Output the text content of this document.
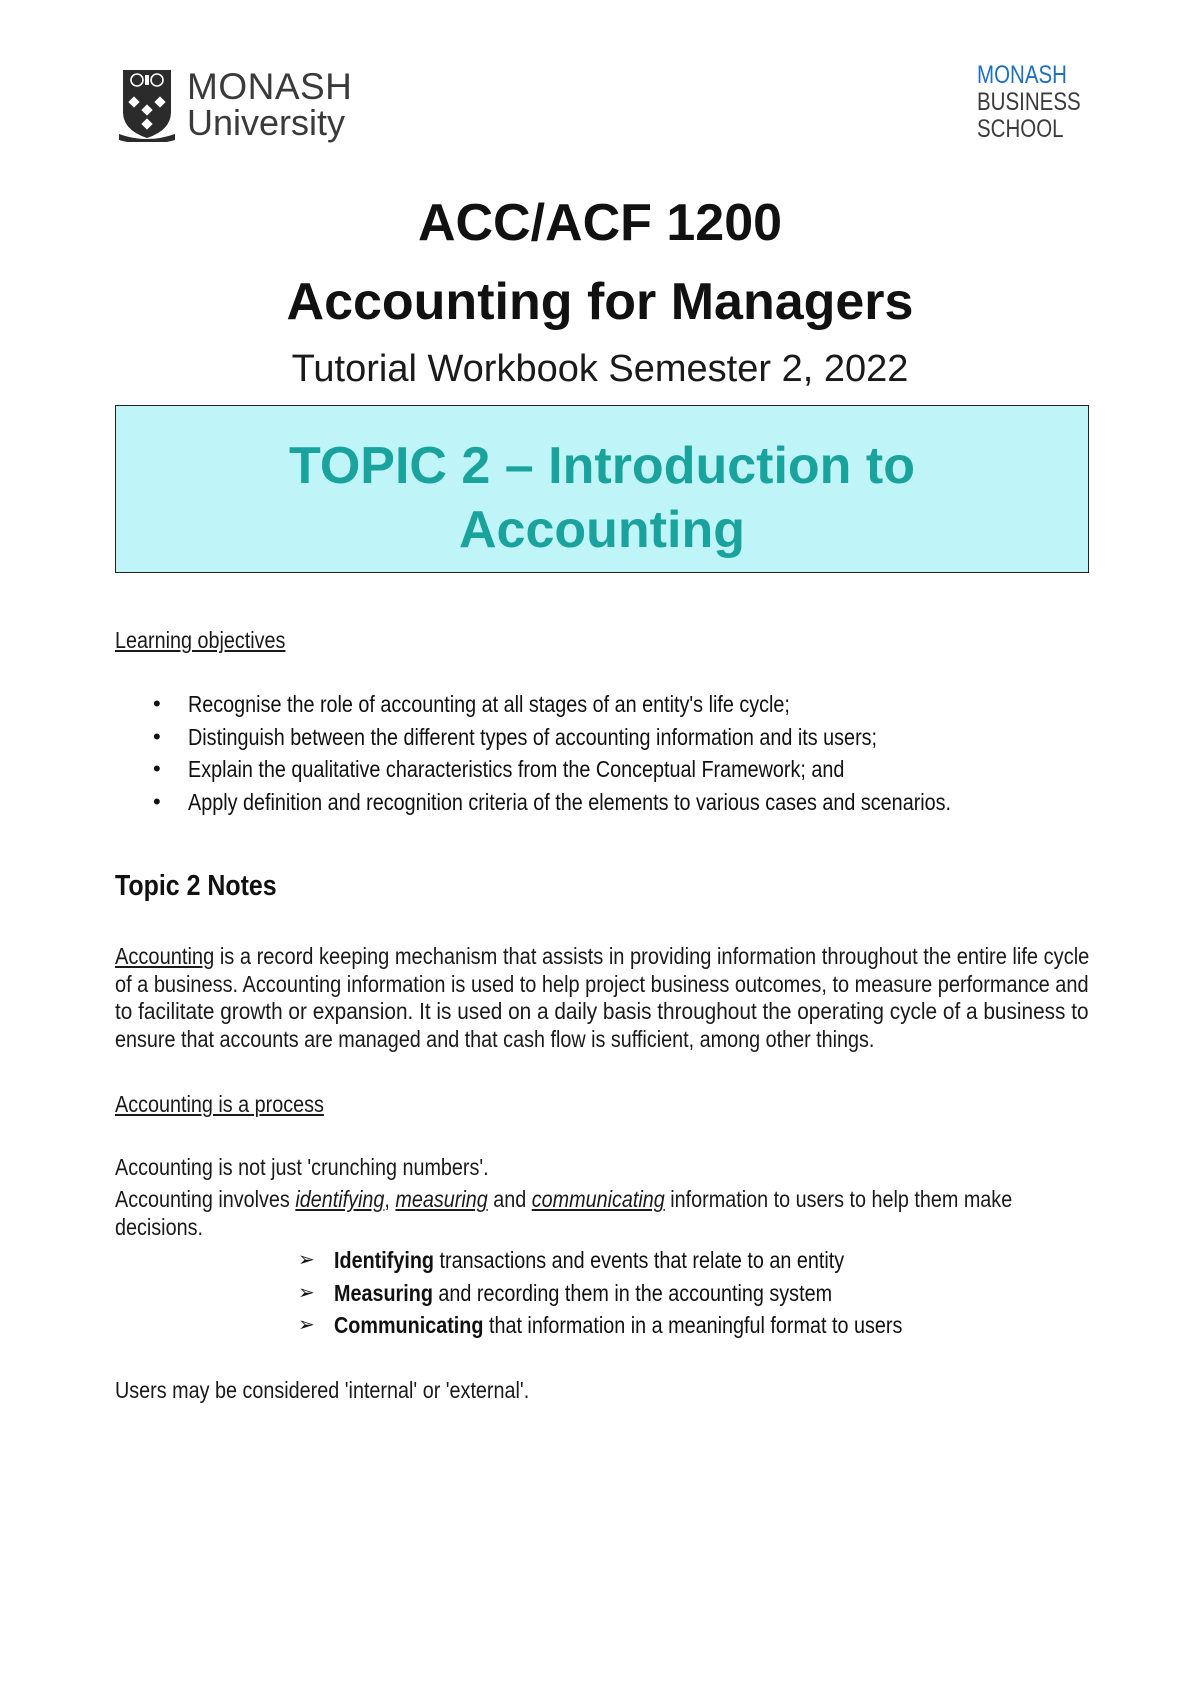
MONASH
University
MONASH
BUSINESS
SCHOOL
ACC/ACF 1200
Accounting for Managers
Tutorial Workbook Semester 2, 2022
TOPIC 2 – Introduction to
Accounting
Learning objectives
• Recognise the role of accounting at all stages of an entity's life cycle;
• Distinguish between the different types of accounting information and its users;
• Explain the qualitative characteristics from the Conceptual Framework; and
• Apply definition and recognition criteria of the elements to various cases and scenarios.
Topic 2 Notes
Accounting is a record keeping mechanism that assists in providing information throughout the entire life cycle
of a business. Accounting information is used to help project business outcomes, to measure performance and
to facilitate growth or expansion. It is used on a daily basis throughout the operating cycle of a business to
ensure that accounts are managed and that cash flow is sufficient, among other things.
Accounting is a process
Accounting is not just 'crunching numbers'.
Accounting involves identifying, measuring and communicating information to users to help them make
decisions.
➢ Identifying transactions and events that relate to an entity
➢ Measuring and recording them in the accounting system
➢ Communicating that information in a meaningful format to users
Users may be considered 'internal' or 'external'.
